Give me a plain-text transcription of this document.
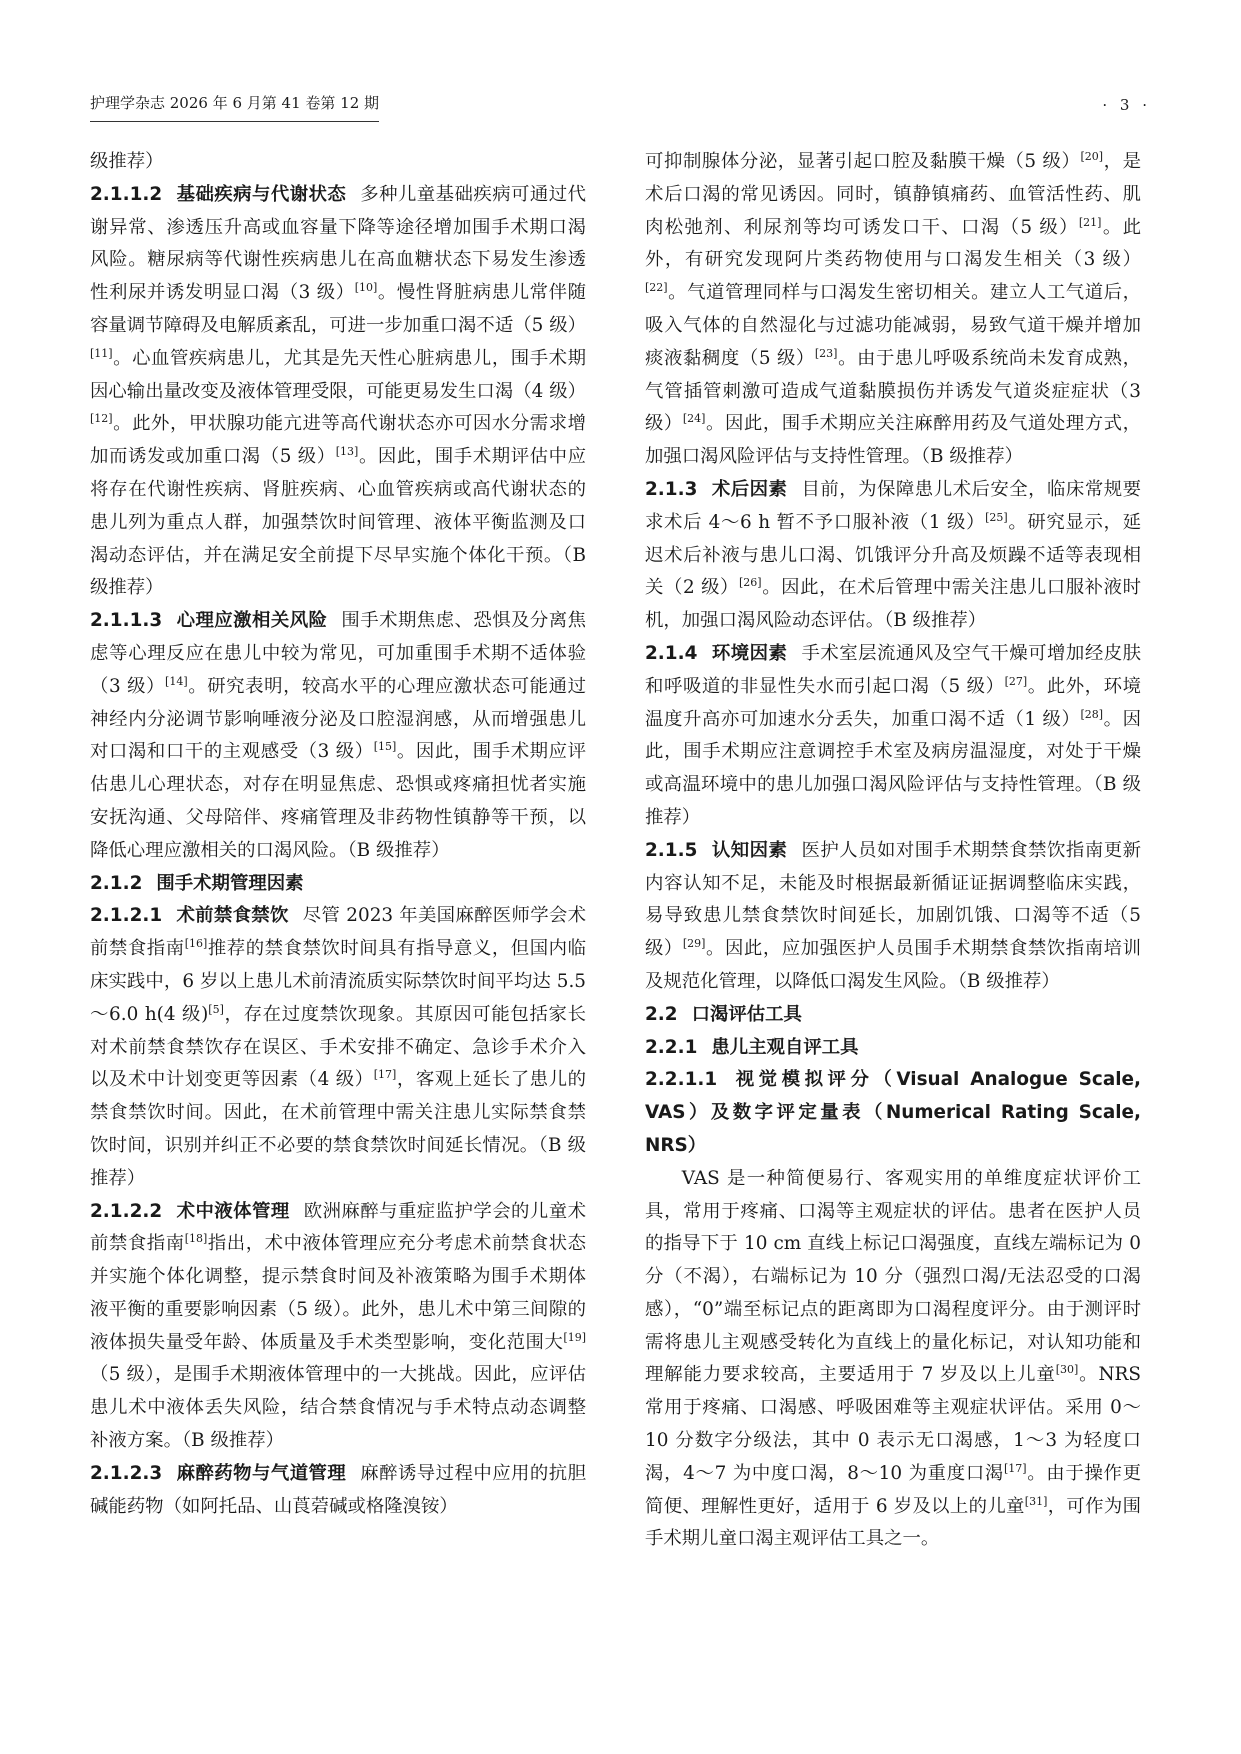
护理学杂志 2026 年 6 月第 41 卷第 12 期	· 3 ·

级推荐）

2.1.1.2 基础疾病与代谢状态 多种儿童基础疾病可通过代谢异常、渗透压升高或血容量下降等途径增加围手术期口渴风险。糖尿病等代谢性疾病患儿在高血糖状态下易发生渗透性利尿并诱发明显口渴（3 级）[10]。慢性肾脏病患儿常伴随容量调节障碍及电解质紊乱，可进一步加重口渴不适（5 级）[11]。心血管疾病患儿，尤其是先天性心脏病患儿，围手术期因心输出量改变及液体管理受限，可能更易发生口渴（4 级）[12]。此外，甲状腺功能亢进等高代谢状态亦可因水分需求增加而诱发或加重口渴（5 级）[13]。因此，围手术期评估中应将存在代谢性疾病、肾脏疾病、心血管疾病或高代谢状态的患儿列为重点人群，加强禁饮时间管理、液体平衡监测及口渴动态评估，并在满足安全前提下尽早实施个体化干预。（B 级推荐）

2.1.1.3 心理应激相关风险 围手术期焦虑、恐惧及分离焦虑等心理反应在患儿中较为常见，可加重围手术期不适体验（3 级）[14]。研究表明，较高水平的心理应激状态可能通过神经内分泌调节影响唾液分泌及口腔湿润感，从而增强患儿对口渴和口干的主观感受（3 级）[15]。因此，围手术期应评估患儿心理状态，对存在明显焦虑、恐惧或疼痛担忧者实施安抚沟通、父母陪伴、疼痛管理及非药物性镇静等干预，以降低心理应激相关的口渴风险。（B 级推荐）

2.1.2 围手术期管理因素

2.1.2.1 术前禁食禁饮 尽管 2023 年美国麻醉医师学会术前禁食指南[16]推荐的禁食禁饮时间具有指导意义，但国内临床实践中，6 岁以上患儿术前清流质实际禁饮时间平均达 5.5～6.0 h(4 级)[5]，存在过度禁饮现象。其原因可能包括家长对术前禁食禁饮存在误区、手术安排不确定、急诊手术介入以及术中计划变更等因素（4 级）[17]，客观上延长了患儿的禁食禁饮时间。因此，在术前管理中需关注患儿实际禁食禁饮时间，识别并纠正不必要的禁食禁饮时间延长情况。（B 级推荐）

2.1.2.2 术中液体管理 欧洲麻醉与重症监护学会的儿童术前禁食指南[18]指出，术中液体管理应充分考虑术前禁食状态并实施个体化调整，提示禁食时间及补液策略为围手术期体液平衡的重要影响因素（5 级）。此外，患儿术中第三间隙的液体损失量受年龄、体质量及手术类型影响，变化范围大[19]（5 级），是围手术期液体管理中的一大挑战。因此，应评估患儿术中液体丢失风险，结合禁食情况与手术特点动态调整补液方案。（B 级推荐）

2.1.2.3 麻醉药物与气道管理 麻醉诱导过程中应用的抗胆碱能药物（如阿托品、山莨菪碱或格隆溴铵）

可抑制腺体分泌，显著引起口腔及黏膜干燥（5 级）[20]，是术后口渴的常见诱因。同时，镇静镇痛药、血管活性药、肌肉松弛剂、利尿剂等均可诱发口干、口渴（5 级）[21]。此外，有研究发现阿片类药物使用与口渴发生相关（3 级）[22]。气道管理同样与口渴发生密切相关。建立人工气道后，吸入气体的自然湿化与过滤功能减弱，易致气道干燥并增加痰液黏稠度（5 级）[23]。由于患儿呼吸系统尚未发育成熟，气管插管刺激可造成气道黏膜损伤并诱发气道炎症症状（3 级）[24]。因此，围手术期应关注麻醉用药及气道处理方式，加强口渴风险评估与支持性管理。（B 级推荐）

2.1.3 术后因素 目前，为保障患儿术后安全，临床常规要求术后 4～6 h 暂不予口服补液（1 级）[25]。研究显示，延迟术后补液与患儿口渴、饥饿评分升高及烦躁不适等表现相关（2 级）[26]。因此，在术后管理中需关注患儿口服补液时机，加强口渴风险动态评估。（B 级推荐）

2.1.4 环境因素 手术室层流通风及空气干燥可增加经皮肤和呼吸道的非显性失水而引起口渴（5 级）[27]。此外，环境温度升高亦可加速水分丢失，加重口渴不适（1 级）[28]。因此，围手术期应注意调控手术室及病房温湿度，对处于干燥或高温环境中的患儿加强口渴风险评估与支持性管理。（B 级推荐）

2.1.5 认知因素 医护人员如对围手术期禁食禁饮指南更新内容认知不足，未能及时根据最新循证证据调整临床实践，易导致患儿禁食禁饮时间延长，加剧饥饿、口渴等不适（5 级）[29]。因此，应加强医护人员围手术期禁食禁饮指南培训及规范化管理，以降低口渴发生风险。（B 级推荐）

2.2 口渴评估工具

2.2.1 患儿主观自评工具

2.2.1.1 视觉模拟评分（Visual Analogue Scale, VAS）及数字评定量表（Numerical Rating Scale, NRS）

VAS 是一种简便易行、客观实用的单维度症状评价工具，常用于疼痛、口渴等主观症状的评估。患者在医护人员的指导下于 10 cm 直线上标记口渴强度，直线左端标记为 0 分（不渴），右端标记为 10 分（强烈口渴/无法忍受的口渴感），“0”端至标记点的距离即为口渴程度评分。由于测评时需将患儿主观感受转化为直线上的量化标记，对认知功能和理解能力要求较高，主要适用于 7 岁及以上儿童[30]。NRS 常用于疼痛、口渴感、呼吸困难等主观症状评估。采用 0～10 分数字分级法，其中 0 表示无口渴感，1～3 为轻度口渴，4～7 为中度口渴，8～10 为重度口渴[17]。由于操作更简便、理解性更好，适用于 6 岁及以上的儿童[31]，可作为围手术期儿童口渴主观评估工具之一。
